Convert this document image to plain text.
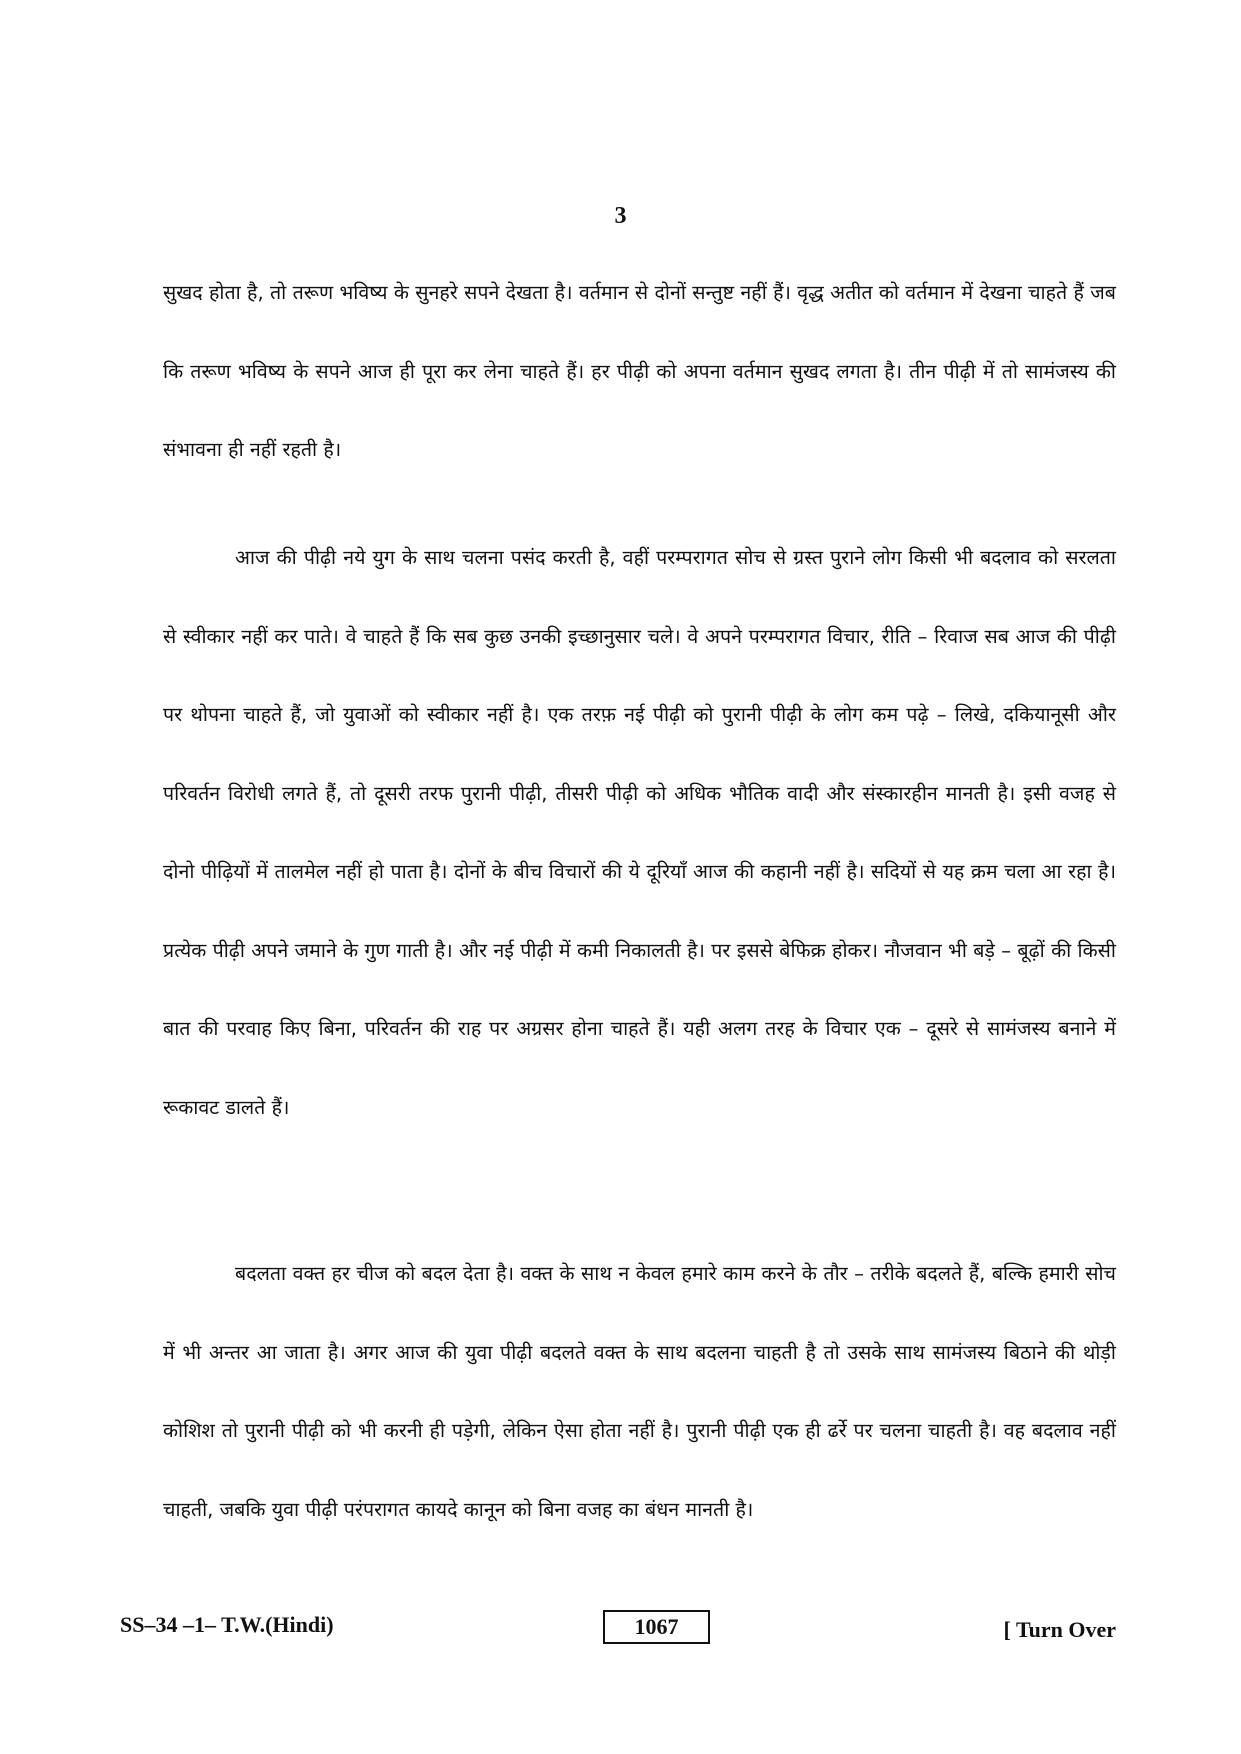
3

सुखद होता है, तो तरूण भविष्य के सुनहरे सपने देखता है। वर्तमान से दोनों सन्तुष्ट नहीं हैं। वृद्ध अतीत को वर्तमान में देखना चाहते हैं जब कि तरूण भविष्य के सपने आज ही पूरा कर लेना चाहते हैं। हर पीढ़ी को अपना वर्तमान सुखद लगता है। तीन पीढ़ी में तो सामंजस्य की संभावना ही नहीं रहती है।

आज की पीढ़ी नये युग के साथ चलना पसंद करती है, वहीं परम्परागत सोच से ग्रस्त पुराने लोग किसी भी बदलाव को सरलता से स्वीकार नहीं कर पाते। वे चाहते हैं कि सब कुछ उनकी इच्छानुसार चले। वे अपने परम्परागत विचार, रीति – रिवाज सब आज की पीढ़ी पर थोपना चाहते हैं, जो युवाओं को स्वीकार नहीं है। एक तरफ़ नई पीढ़ी को पुरानी पीढ़ी के लोग कम पढ़े – लिखे, दकियानूसी और परिवर्तन विरोधी लगते हैं, तो दूसरी तरफ पुरानी पीढ़ी, तीसरी पीढ़ी को अधिक भौतिक वादी और संस्कारहीन मानती है। इसी वजह से दोनो पीढ़ियों में तालमेल नहीं हो पाता है। दोनों के बीच विचारों की ये दूरियाँ आज की कहानी नहीं है। सदियों से यह क्रम चला आ रहा है। प्रत्येक पीढ़ी अपने जमाने के गुण गाती है। और नई पीढ़ी में कमी निकालती है। पर इससे बेफिक्र होकर। नौजवान भी बड़े – बूढ़ों की किसी बात की परवाह किए बिना, परिवर्तन की राह पर अग्रसर होना चाहते हैं। यही अलग तरह के विचार एक – दूसरे से सामंजस्य बनाने में रूकावट डालते हैं।

बदलता वक्त हर चीज को बदल देता है। वक्त के साथ न केवल हमारे काम करने के तौर – तरीके बदलते हैं, बल्कि हमारी सोच में भी अन्तर आ जाता है। अगर आज की युवा पीढ़ी बदलते वक्त के साथ बदलना चाहती है तो उसके साथ सामंजस्य बिठाने की थोड़ी कोशिश तो पुरानी पीढ़ी को भी करनी ही पड़ेगी, लेकिन ऐसा होता नहीं है। पुरानी पीढ़ी एक ही ढर्रे पर चलना चाहती है। वह बदलाव नहीं चाहती, जबकि युवा पीढ़ी परंपरागत कायदे कानून को बिना वजह का बंधन मानती है।

SS–34 –1– T.W.(Hindi)	1067	[ Turn Over
